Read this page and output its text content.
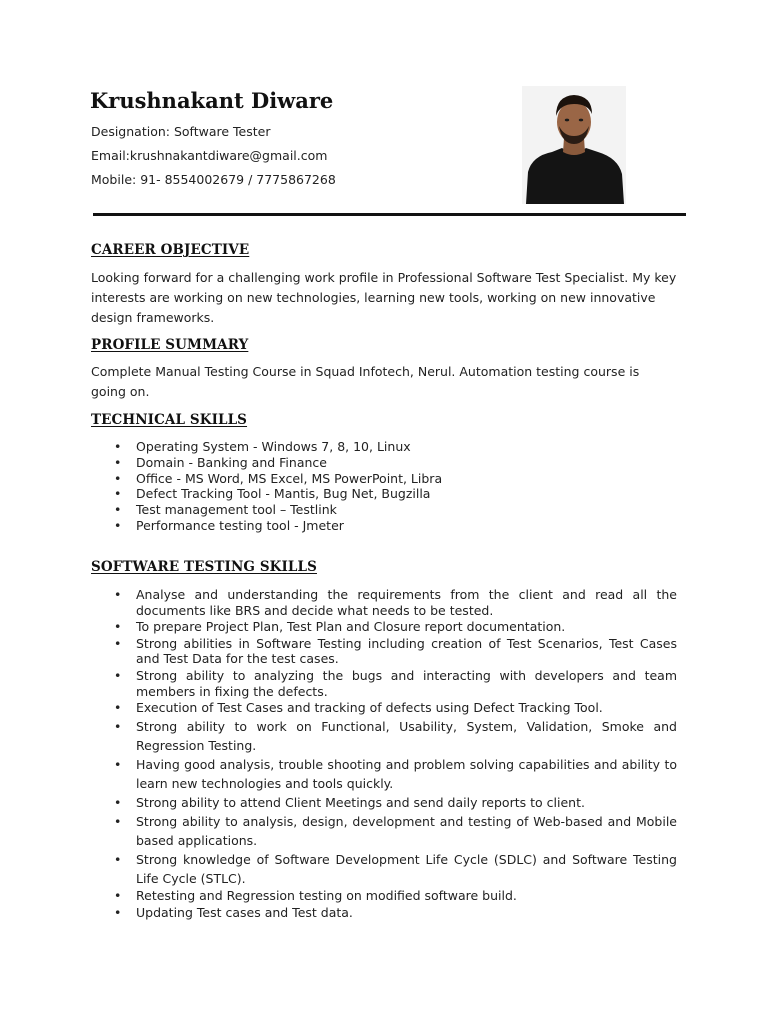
Krushnakant Diware
Designation: Software Tester
Email:krushnakantdiware@gmail.com
Mobile: 91- 8554002679 / 7775867268
CAREER OBJECTIVE
Looking forward for a challenging work profile in Professional Software Test Specialist. My key interests are working on new technologies, learning new tools, working on new innovative design frameworks.
PROFILE SUMMARY
Complete Manual Testing Course in Squad Infotech, Nerul. Automation testing course is going on.
TECHNICAL SKILLS
• Operating System - Windows 7, 8, 10, Linux
• Domain - Banking and Finance
• Office - MS Word, MS Excel, MS PowerPoint, Libra
• Defect Tracking Tool - Mantis, Bug Net, Bugzilla
• Test management tool – Testlink
• Performance testing tool - Jmeter
SOFTWARE TESTING SKILLS
• Analyse and understanding the requirements from the client and read all the documents like BRS and decide what needs to be tested.
• To prepare Project Plan, Test Plan and Closure report documentation.
• Strong abilities in Software Testing including creation of Test Scenarios, Test Cases and Test Data for the test cases.
• Strong ability to analyzing the bugs and interacting with developers and team members in fixing the defects.
• Execution of Test Cases and tracking of defects using Defect Tracking Tool.
• Strong ability to work on Functional, Usability, System, Validation, Smoke and Regression Testing.
• Having good analysis, trouble shooting and problem solving capabilities and ability to learn new technologies and tools quickly.
• Strong ability to attend Client Meetings and send daily reports to client.
• Strong ability to analysis, design, development and testing of Web-based and Mobile based applications.
• Strong knowledge of Software Development Life Cycle (SDLC) and Software Testing Life Cycle (STLC).
• Retesting and Regression testing on modified software build.
• Updating Test cases and Test data.
